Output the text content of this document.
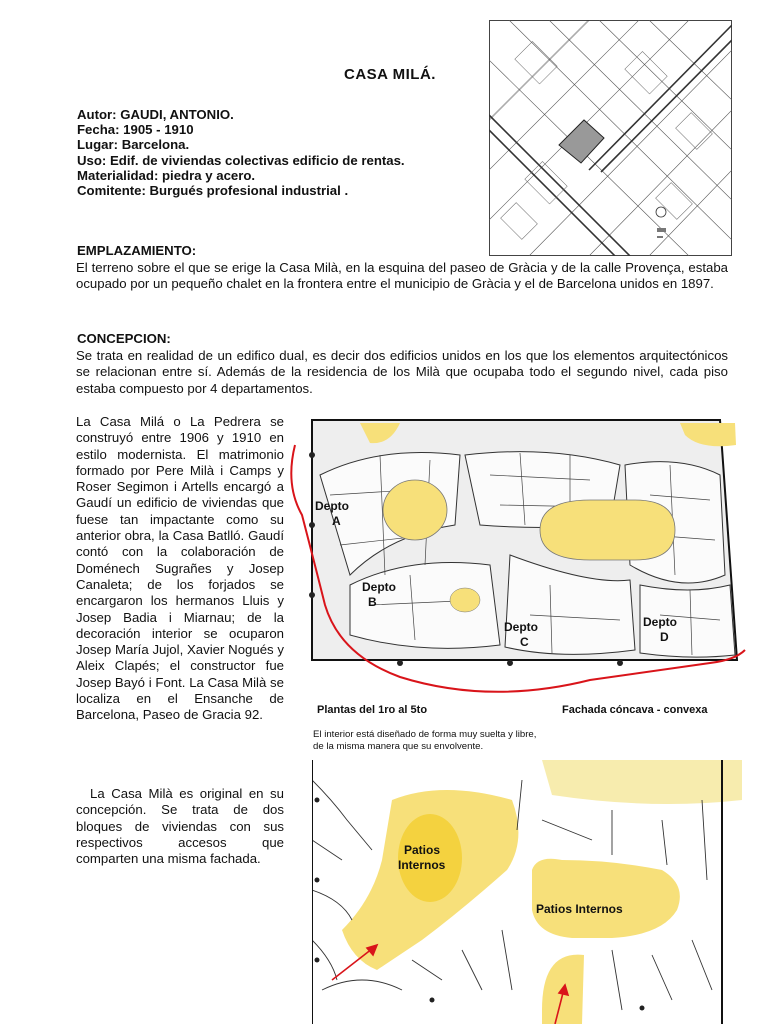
CASA MILÁ.
Autor: GAUDI, ANTONIO.
Fecha: 1905 - 1910
Lugar: Barcelona.
Uso: Edif. de viviendas colectivas edificio de rentas.
Materialidad: piedra y acero.
Comitente: Burgués profesional industrial .
EMPLAZAMIENTO:
El terreno sobre el que se erige la Casa Milà, en la esquina del paseo de Gràcia y de la calle Provença, estaba ocupado por un pequeño chalet en la frontera entre el municipio de Gràcia y el de Barcelona unidos en 1897.
CONCEPCION:
Se trata en realidad de un edifico dual, es decir dos edificios unidos en los que los elementos arquitectónicos se relacionan entre sí. Además de la residencia de los Milà que ocupaba todo el segundo nivel, cada piso estaba compuesto por 4 departamentos.
La Casa Milá o La Pedrera se construyó entre 1906 y 1910 en estilo modernista. El matrimonio formado por Pere Milà i Camps y Roser Segimon i Artells encargó a Gaudí un edificio de viviendas que fuese tan impactante como su anterior obra, la Casa Batlló. Gaudí contó con la colaboración de Doménech Sugrañes y Josep Canaleta; de los forjados se encargaron los hermanos Lluis y Josep Badia i Miarnau; de la decoración interior se ocuparon Josep María Jujol, Xavier Nogués y Aleix Clapés; el constructor fue Josep Bayó i Font. La Casa Milà se localiza en el Ensanche de Barcelona, Paseo de Gracia 92.
La Casa Milà es original en su concepción. Se trata de dos bloques de viviendas con sus respectivos accesos que comparten una misma fachada.
Depto
A
Depto
B
Depto
C
Depto
D
Plantas del 1ro al 5to	Fachada cóncava - convexa
El interior está diseñado de forma muy suelta y libre,
de la misma manera que su envolvente.
Patios
Internos
Patios Internos
